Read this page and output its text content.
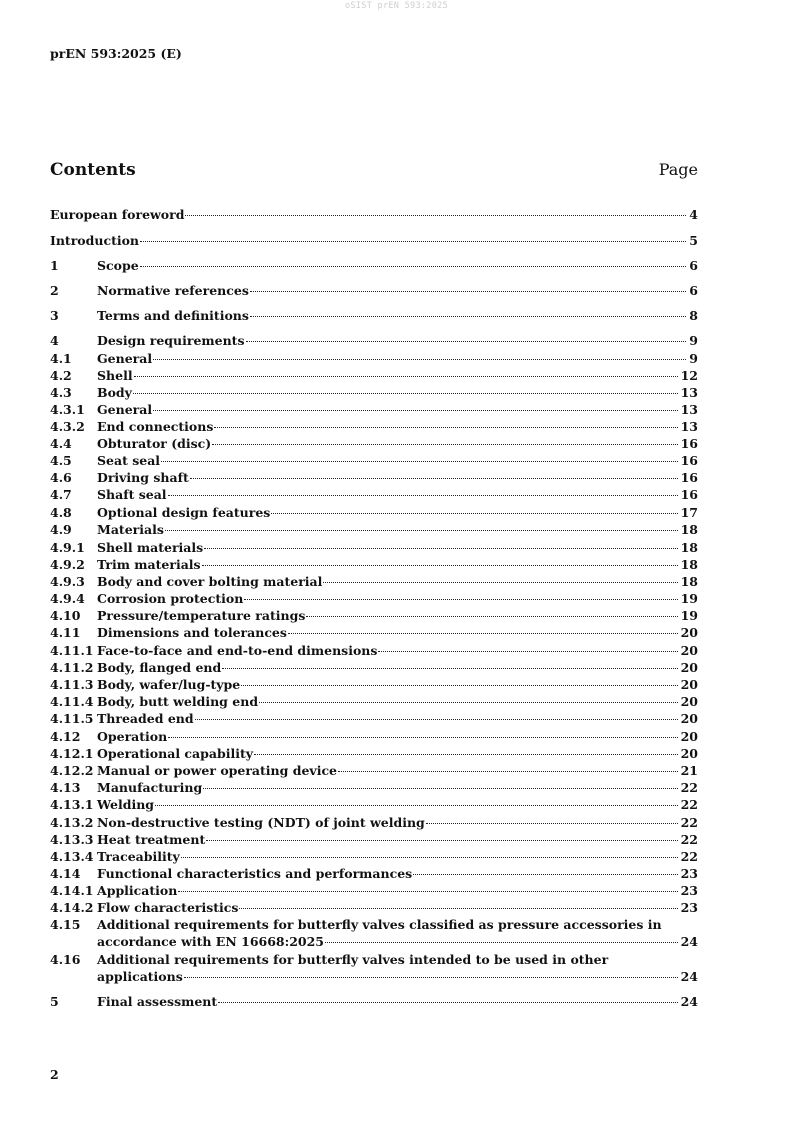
oSIST prEN 593:2025
prEN 593:2025 (E)
Contents	Page
European foreword	4
Introduction	5
1	Scope	6
2	Normative references	6
3	Terms and definitions	8
4	Design requirements	9
4.1	General	9
4.2	Shell	12
4.3	Body	13
4.3.1 General	13
4.3.2 End connections	13
4.4	Obturator (disc)	16
4.5	Seat seal	16
4.6	Driving shaft	16
4.7	Shaft seal	16
4.8	Optional design features	17
4.9	Materials	18
4.9.1 Shell materials	18
4.9.2 Trim materials	18
4.9.3 Body and cover bolting material	18
4.9.4 Corrosion protection	19
4.10	Pressure/temperature ratings	19
4.11	Dimensions and tolerances	20
4.11.1 Face-to-face and end-to-end dimensions	20
4.11.2 Body, flanged end	20
4.11.3 Body, wafer/lug-type	20
4.11.4 Body, butt welding end	20
4.11.5 Threaded end	20
4.12	Operation	20
4.12.1 Operational capability	20
4.12.2 Manual or power operating device	21
4.13	Manufacturing	22
4.13.1 Welding	22
4.13.2 Non-destructive testing (NDT) of joint welding	22
4.13.3 Heat treatment	22
4.13.4 Traceability	22
4.14	Functional characteristics and performances	23
4.14.1 Application	23
4.14.2 Flow characteristics	23
4.15	Additional requirements for butterfly valves classified as pressure accessories in
accordance with EN 16668:2025	24
4.16	Additional requirements for butterfly valves intended to be used in other
applications	24
5	Final assessment	24
2
